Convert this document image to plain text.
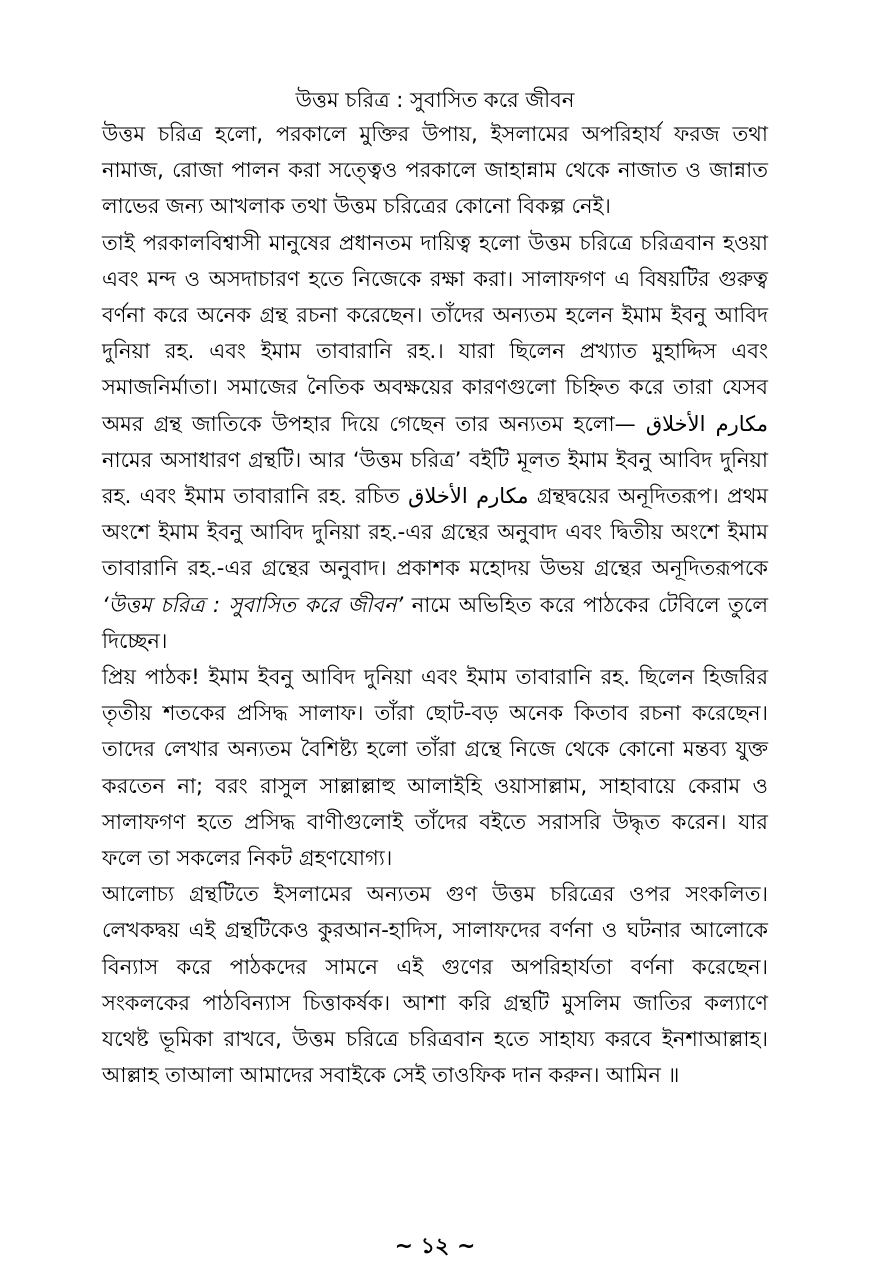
উত্তম চরিত্র : সুবাসিত করে জীবন

উত্তম চরিত্র হলো, পরকালে মুক্তির উপায়, ইসলামের অপরিহার্য ফরজ তথা নামাজ, রোজা পালন করা সত্ত্বেও পরকালে জাহান্নাম থেকে নাজাত ও জান্নাত লাভের জন্য আখলাক তথা উত্তম চরিত্রের কোনো বিকল্প নেই।

তাই পরকালবিশ্বাসী মানুষের প্রধানতম দায়িত্ব হলো উত্তম চরিত্রে চরিত্রবান হওয়া এবং মন্দ ও অসদাচারণ হতে নিজেকে রক্ষা করা। সালাফগণ এ বিষয়টির গুরুত্ব বর্ণনা করে অনেক গ্রন্থ রচনা করেছেন। তাঁদের অন্যতম হলেন ইমাম ইবনু আবিদ দুনিয়া রহ. এবং ইমাম তাবারানি রহ.। যারা ছিলেন প্রখ্যাত মুহাদ্দিস এবং সমাজনির্মাতা। সমাজের নৈতিক অবক্ষয়ের কারণগুলো চিহ্নিত করে তারা যেসব অমর গ্রন্থ জাতিকে উপহার দিয়ে গেছেন তার অন্যতম হলো— مكارم الأخلاق নামের অসাধারণ গ্রন্থটি। আর ‘উত্তম চরিত্র’ বইটি মূলত ইমাম ইবনু আবিদ দুনিয়া রহ. এবং ইমাম তাবারানি রহ. রচিত مكارم الأخلاق গ্রন্থদ্বয়ের অনূদিতরূপ। প্রথম অংশে ইমাম ইবনু আবিদ দুনিয়া রহ.-এর গ্রন্থের অনুবাদ এবং দ্বিতীয় অংশে ইমাম তাবারানি রহ.-এর গ্রন্থের অনুবাদ। প্রকাশক মহোদয় উভয় গ্রন্থের অনূদিতরূপকে ‘উত্তম চরিত্র : সুবাসিত করে জীবন’ নামে অভিহিত করে পাঠকের টেবিলে তুলে দিচ্ছেন।

প্রিয় পাঠক! ইমাম ইবনু আবিদ দুনিয়া এবং ইমাম তাবারানি রহ. ছিলেন হিজরির তৃতীয় শতকের প্রসিদ্ধ সালাফ। তাঁরা ছোট-বড় অনেক কিতাব রচনা করেছেন। তাদের লেখার অন্যতম বৈশিষ্ট্য হলো তাঁরা গ্রন্থে নিজে থেকে কোনো মন্তব্য যুক্ত করতেন না; বরং রাসুল সাল্লাল্লাহু আলাইহি ওয়াসাল্লাম, সাহাবায়ে কেরাম ও সালাফগণ হতে প্রসিদ্ধ বাণীগুলোই তাঁদের বইতে সরাসরি উদ্ধৃত করেন। যার ফলে তা সকলের নিকট গ্রহণযোগ্য।

আলোচ্য গ্রন্থটিতে ইসলামের অন্যতম গুণ উত্তম চরিত্রের ওপর সংকলিত। লেখকদ্বয় এই গ্রন্থটিকেও কুরআন-হাদিস, সালাফদের বর্ণনা ও ঘটনার আলোকে বিন্যাস করে পাঠকদের সামনে এই গুণের অপরিহার্যতা বর্ণনা করেছেন। সংকলকের পাঠবিন্যাস চিত্তাকর্ষক। আশা করি গ্রন্থটি মুসলিম জাতির কল্যাণে যথেষ্ট ভূমিকা রাখবে, উত্তম চরিত্রে চরিত্রবান হতে সাহায্য করবে ইনশাআল্লাহ। আল্লাহ তাআলা আমাদের সবাইকে সেই তাওফিক দান করুন। আমিন ॥

~ ১২ ~
